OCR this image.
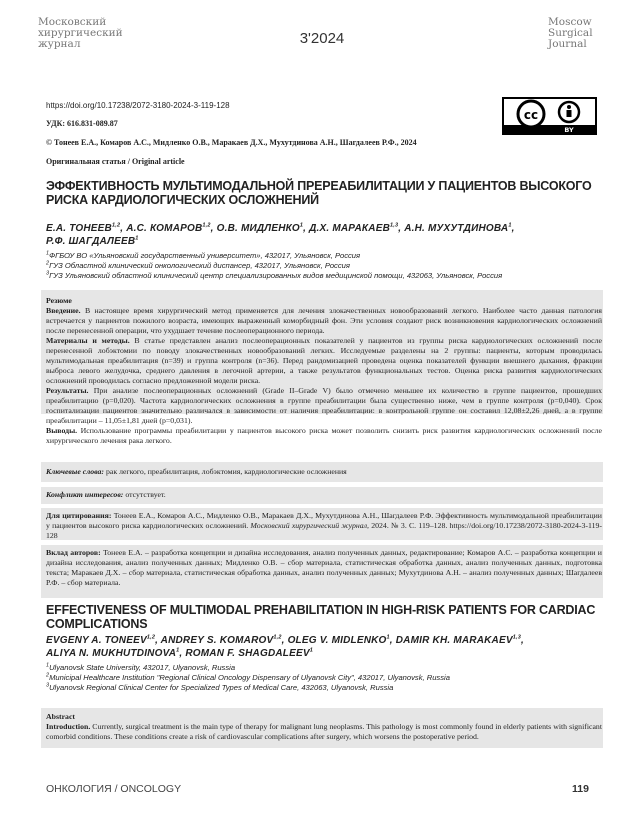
Московский
хирургический
журнал	3'2024
Moscow
Surgical
Journal
https://doi.org/10.17238/2072-3180-2024-3-119-128
УДК: 616.831-089.87
cc
BY
© Тонеев Е.А., Комаров А.С., Мидленко О.В., Маракаев Д.Х., Мухутдинова А.Н., Шагдалеев Р.Ф., 2024
Оригинальная статья / Original article
ЭФФЕКТИВНОСТЬ МУЛЬТИМОДАЛЬНОЙ ПРЕРЕАБИЛИТАЦИИ У ПАЦИЕНТОВ ВЫСОКОГО
РИСКА КАРДИОЛОГИЧЕСКИХ ОСЛОЖНЕНИЙ
Е.А. ТОНЕЕВ$^{1,2}$, А.С. КОМАРОВ$^{1,2}$, О.В. МИДЛЕНКО$^1$, Д.Х. МАРАКАЕВ$^{1,3}$, А.Н. МУХУТДИНОВА$^1$,
Р.Ф. ШАГДАЛЕЕВ$^1$
$^1$ФГБОУ ВО «Ульяновский государственный университет», 432017, Ульяновск, Россия
$^2$ГУЗ Областной клинический онкологический диспансер, 432017, Ульяновск, Россия
$^3$ГУЗ Ульяновский областной клинический центр специализированных видов медицинской помощи, 432063, Ульяновск, Россия
Резюме
Введение. В настоящее время хирургический метод применяется для лечения злокачественных новообразований легкого. Наиболее часто данная патология встречается у пациентов пожилого возраста, имеющих выраженный коморбидный фон. Эти условия создают риск возникновения кардиологических осложнений после перенесенной операции, что ухудшает течение послеоперационного периода.
Материалы и методы. В статье представлен анализ послеоперационных показателей у пациентов из группы риска кардиологических осложнений после перенесенной лобэктомии по поводу злокачественных новообразований легких. Исследуемые разделены на 2 группы: пациенты, которым проводилась мультимодальная преабилитация (n=39) и группа контроля (n=36). Перед рандомизацией проведена оценка показателей функции внешнего дыхания, фракции выброса левого желудочка, среднего давления в легочной артерии, а также результатов функциональных тестов. Оценка риска развития кардиологических осложнений проводилась согласно предложенной модели риска.
Результаты. При анализе послеоперационных осложнений (Grade II–Grade V) было отмечено меньшее их количество в группе пациентов, прошедших преабилитацию (p=0,020). Частота кардиологических осложнения в группе преабилитации была существенно ниже, чем в группе контроля (p=0,040). Срок госпитализации пациентов значительно различался в зависимости от наличия преабилитации: в контрольной группе он составил 12,08±2,26 дней, а в группе преабилитации – 11,05±1,81 дней (p=0,031).
Выводы. Использование программы преабилитации у пациентов высокого риска может позволить снизить риск развития кардиологических осложнений после хирургического лечения рака легкого.
Ключевые слова: рак легкого, преабилитация, лобэктомия, кардиологические осложнения
Конфликт интересов: отсутствует.
Для цитирования: Тонеев Е.А., Комаров А.С., Мидленко О.В., Маракаев Д.Х., Мухутдинова А.Н., Шагдалеев Р.Ф. Эффективность мультимодальной преабилитации у пациентов высокого риска кардиологических осложнений. Московский хирургический журнал, 2024. № 3. С. 119–128. https://doi.org/10.17238/2072-3180-2024-3-119-128
Вклад авторов: Тонеев Е.А. – разработка концепции и дизайна исследования, анализ полученных данных, редактирование; Комаров А.С. – разработка концепции и дизайна исследования, анализ полученных данных; Мидленко О.В. – сбор материала, статистическая обработка данных, анализ полученных данных, подготовка текста; Маракаев Д.Х. – сбор материала, статистическая обработка данных, анализ полученных данных; Мухутдинова А.Н. – анализ полученных данных; Шагдалеев Р.Ф. – сбор материала.
EFFECTIVENESS OF MULTIMODAL PREHABILITATION IN HIGH-RISK PATIENTS FOR CARDIAC
COMPLICATIONS
EVGENY A. TONEEV$^{1,2}$, ANDREY S. KOMAROV$^{1,2}$, OLEG V. MIDLENKO$^1$, DAMIR KH. MARAKAEV$^{1,3}$,
ALIYA N. MUKHUTDINOVA$^1$, ROMAN F. SHAGDALEEV$^1$
$^1$Ulyanovsk State University, 432017, Ulyanovsk, Russia
$^2$Municipal Healthcare Institution "Regional Clinical Oncology Dispensary of Ulyanovsk City", 432017, Ulyanovsk, Russia
$^3$Ulyanovsk Regional Clinical Center for Specialized Types of Medical Care, 432063, Ulyanovsk, Russia
Abstract
Introduction. Currently, surgical treatment is the main type of therapy for malignant lung neoplasms. This pathology is most commonly found in elderly patients with significant comorbid conditions. These conditions create a risk of cardiovascular complications after surgery, which worsens the postoperative period.
ОНКОЛОГИЯ / ONCOLOGY	119
